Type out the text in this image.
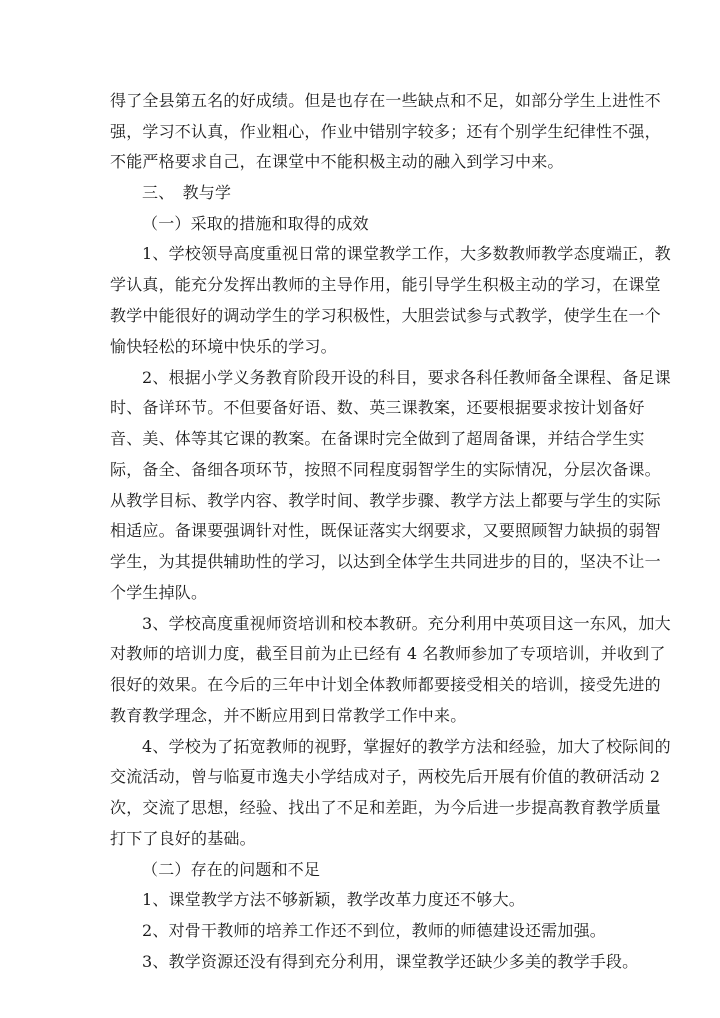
得了全县第五名的好成绩。但是也存在一些缺点和不足，如部分学生上进性不
强，学习不认真，作业粗心，作业中错别字较多；还有个别学生纪律性不强，
不能严格要求自己，在课堂中不能积极主动的融入到学习中来。
三、　教与学
（一）采取的措施和取得的成效
1、学校领导高度重视日常的课堂教学工作，大多数教师教学态度端正，教
学认真，能充分发挥出教师的主导作用，能引导学生积极主动的学习，在课堂
教学中能很好的调动学生的学习积极性，大胆尝试参与式教学，使学生在一个
愉快轻松的环境中快乐的学习。
2、根据小学义务教育阶段开设的科目，要求各科任教师备全课程、备足课
时、备详环节。不但要备好语、数、英三课教案，还要根据要求按计划备好
音、美、体等其它课的教案。在备课时完全做到了超周备课，并结合学生实
际，备全、备细各项环节，按照不同程度弱智学生的实际情况，分层次备课。
从教学目标、教学内容、教学时间、教学步骤、教学方法上都要与学生的实际
相适应。备课要强调针对性，既保证落实大纲要求，又要照顾智力缺损的弱智
学生，为其提供辅助性的学习，以达到全体学生共同进步的目的，坚决不让一
个学生掉队。
3、学校高度重视师资培训和校本教研。充分利用中英项目这一东风，加大
对教师的培训力度，截至目前为止已经有 4 名教师参加了专项培训，并收到了
很好的效果。在今后的三年中计划全体教师都要接受相关的培训，接受先进的
教育教学理念，并不断应用到日常教学工作中来。
4、学校为了拓宽教师的视野，掌握好的教学方法和经验，加大了校际间的
交流活动，曾与临夏市逸夫小学结成对子，两校先后开展有价值的教研活动 2
次，交流了思想，经验、找出了不足和差距，为今后进一步提高教育教学质量
打下了良好的基础。
（二）存在的问题和不足
1、课堂教学方法不够新颖，教学改革力度还不够大。
2、对骨干教师的培养工作还不到位，教师的师德建设还需加强。
3、教学资源还没有得到充分利用，课堂教学还缺少多美的教学手段。
